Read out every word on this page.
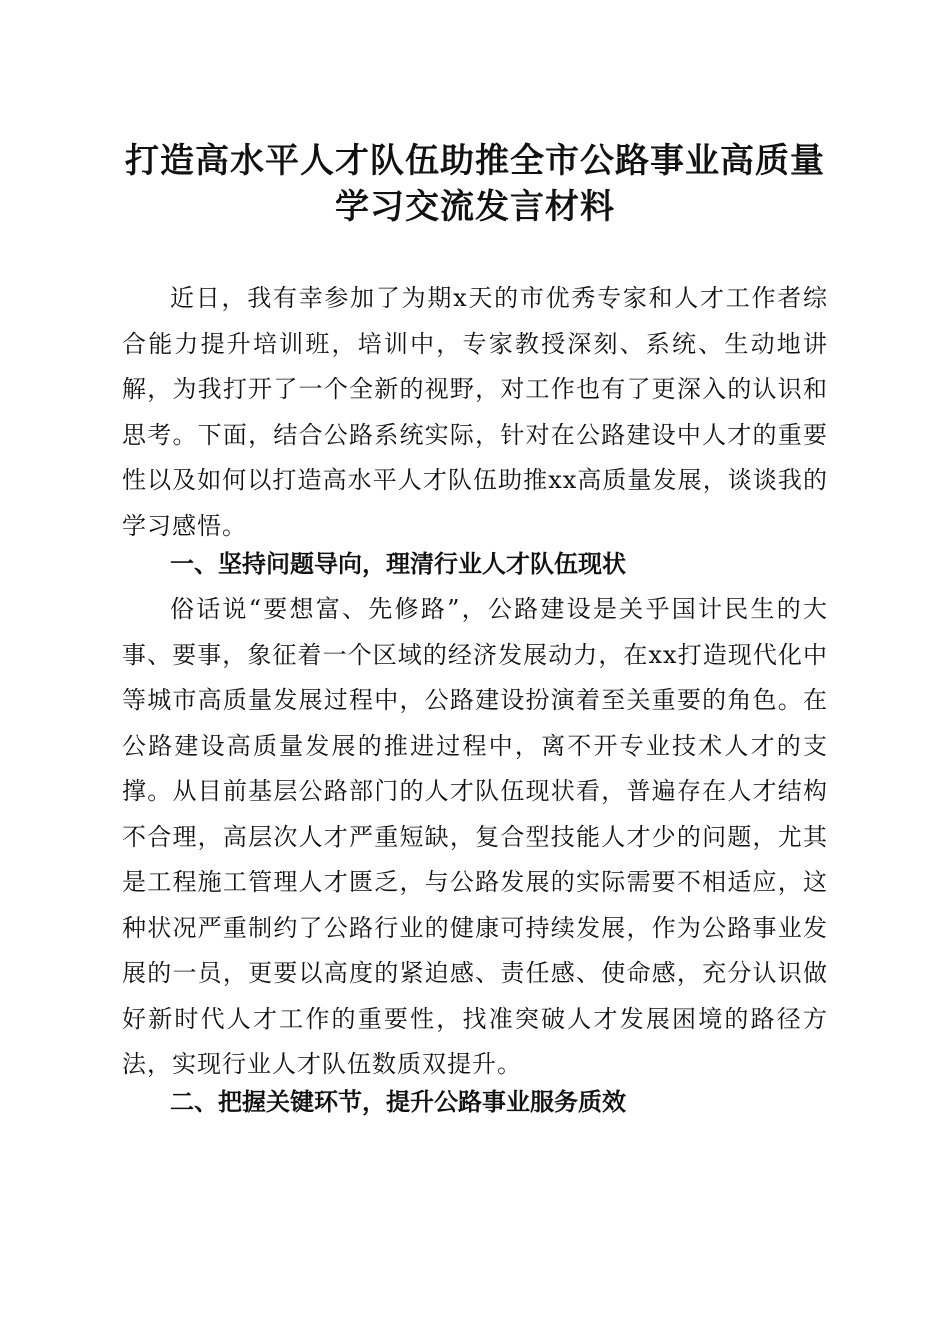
打造高水平人才队伍助推全市公路事业高质量
学习交流发言材料

近日，我有幸参加了为期x天的市优秀专家和人才工作者综合能力提升培训班，培训中，专家教授深刻、系统、生动地讲解，为我打开了一个全新的视野，对工作也有了更深入的认识和思考。下面，结合公路系统实际，针对在公路建设中人才的重要性以及如何以打造高水平人才队伍助推xx高质量发展，谈谈我的学习感悟。

一、坚持问题导向，理清行业人才队伍现状

俗话说“要想富、先修路”，公路建设是关乎国计民生的大事、要事，象征着一个区域的经济发展动力，在xx打造现代化中等城市高质量发展过程中，公路建设扮演着至关重要的角色。在公路建设高质量发展的推进过程中，离不开专业技术人才的支撑。从目前基层公路部门的人才队伍现状看，普遍存在人才结构不合理，高层次人才严重短缺，复合型技能人才少的问题，尤其是工程施工管理人才匮乏，与公路发展的实际需要不相适应，这种状况严重制约了公路行业的健康可持续发展，作为公路事业发展的一员，更要以高度的紧迫感、责任感、使命感，充分认识做好新时代人才工作的重要性，找准突破人才发展困境的路径方法，实现行业人才队伍数质双提升。

二、把握关键环节，提升公路事业服务质效
